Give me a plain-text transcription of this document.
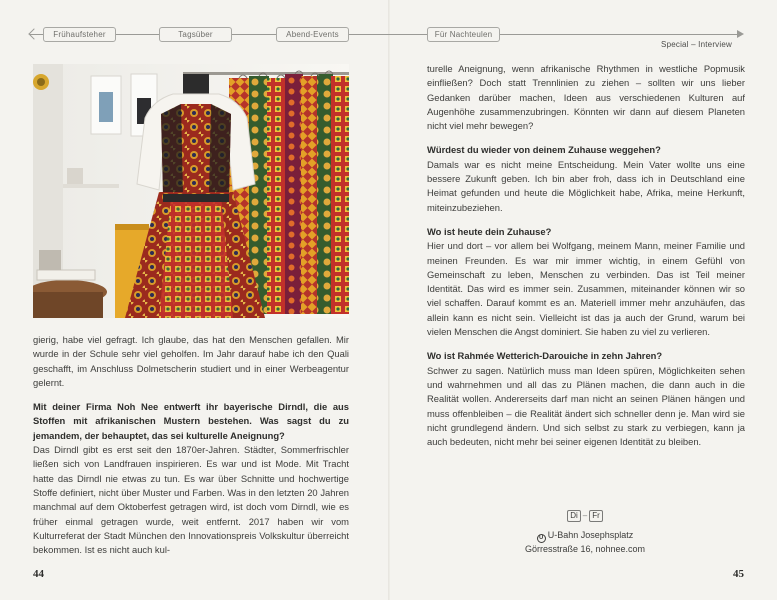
Frühaufsteher	Tagsüber	Abend-Events	Für Nachteulen
Special – Interview

gierig, habe viel gefragt. Ich glaube, das hat den Menschen gefallen. Mir wurde in der Schule sehr viel geholfen. Im Jahr darauf habe ich den Quali geschafft, im Anschluss Dolmetscherin studiert und in einer Werbeagentur gelernt.

Mit deiner Firma Noh Nee entwerft ihr bayerische Dirndl, die aus Stoffen mit afrikanischen Mustern bestehen. Was sagst du zu jemandem, der behauptet, das sei kulturelle Aneignung?

Das Dirndl gibt es erst seit den 1870er-Jahren. Städter, Sommerfrischler ließen sich von Landfrauen inspirieren. Es war und ist Mode. Mit Tracht hatte das Dirndl nie etwas zu tun. Es war über Schnitte und hochwertige Stoffe definiert, nicht über Muster und Farben. Was in den letzten 20 Jahren manchmal auf dem Oktoberfest getragen wird, ist doch vom Dirndl, wie es früher einmal getragen wurde, weit entfernt. 2017 haben wir vom Kulturreferat der Stadt München den Innovationspreis Volkskultur überreicht bekommen. Ist es nicht auch kul-

turelle Aneignung, wenn afrikanische Rhythmen in westliche Popmusik einfließen? Doch statt Trennlinien zu ziehen – sollten wir uns lieber Gedanken darüber machen, Ideen aus verschiedenen Kulturen auf Augenhöhe zusammenzubringen. Könnten wir dann auf diesem Planeten nicht viel mehr bewegen?

Würdest du wieder von deinem Zuhause weggehen?

Damals war es nicht meine Entscheidung. Mein Vater wollte uns eine bessere Zukunft geben. Ich bin aber froh, dass ich in Deutschland eine Heimat gefunden und heute die Möglichkeit habe, Afrika, meine Herkunft, miteinzubeziehen.

Wo ist heute dein Zuhause?

Hier und dort – vor allem bei Wolfgang, meinem Mann, meiner Familie und meinen Freunden. Es war mir immer wichtig, in einem Gefühl von Gemeinschaft zu leben, Menschen zu verbinden. Das ist Teil meiner Identität. Das wird es immer sein. Zusammen, miteinander können wir so viel schaffen. Darauf kommt es an. Materiell immer mehr anzuhäufen, das allein kann es nicht sein. Vielleicht ist das ja auch der Grund, warum bei vielen Menschen die Angst dominiert. Sie haben zu viel zu verlieren.

Wo ist Rahmée Wetterich-Darouiche in zehn Jahren?

Schwer zu sagen. Natürlich muss man Ideen spüren, Möglichkeiten sehen und wahrnehmen und all das zu Plänen machen, die dann auch in die Realität wollen. Andererseits darf man nicht an seinen Plänen hängen und muss offenbleiben – die Realität ändert sich schneller denn je. Man wird sie nicht grundlegend ändern. Und sich selbst zu stark zu verbiegen, kann ja auch bedeuten, nicht mehr bei seiner eigenen Identität zu bleiben.

Di – Fr
U U-Bahn Josephsplatz
Görresstraße 16, nohnee.com
44	45
